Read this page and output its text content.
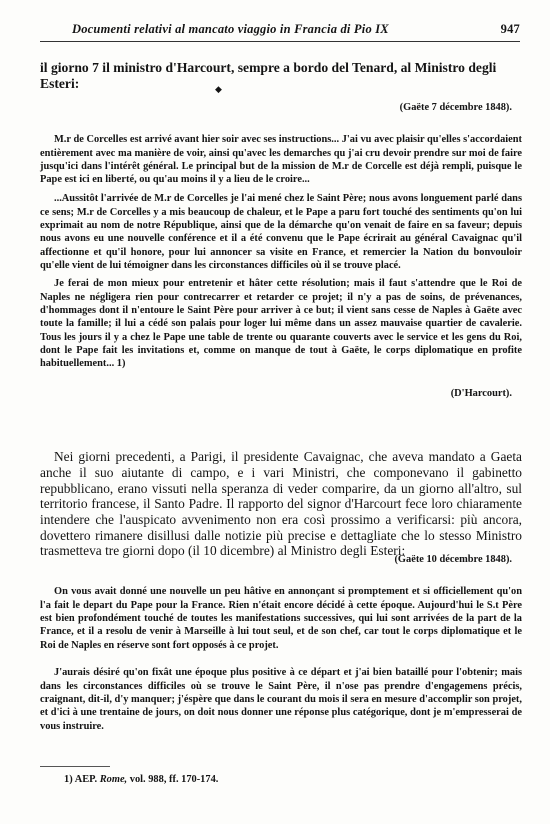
Documenti relativi al mancato viaggio in Francia di Pio IX	947
il giorno 7 il ministro d'Harcourt, sempre a bordo del Tenard, al Ministro degli Esteri:	◆
(Gaëte 7 décembre 1848).

M.r de Corcelles est arrivé avant hier soir avec ses instructions... J'ai vu avec plaisir qu'elles s'accordaient entièrement avec ma manière de voir, ainsi qu'avec les demarches qu j'ai cru devoir prendre sur moi de faire jusqu'ici dans l'intérêt général. Le principal but de la mission de M.r de Corcelle est déjà rempli, puisque le Pape est ici en liberté, ou qu'au moins il y a lieu de le croire...

...Aussitôt l'arrivée de M.r de Corcelles je l'ai mené chez le Saint Père; nous avons longuement parlé dans ce sens; M.r de Corcelles y a mis beaucoup de chaleur, et le Pape a paru fort touché des sentiments qu'on lui exprimait au nom de notre République, ainsi que de la démarche qu'on venait de faire en sa faveur; depuis nous avons eu une nouvelle conférence et il a été convenu que le Pape écrirait au général Cavaignac qu'il affectionne et qu'il honore, pour lui annoncer sa visite en France, et remercier la Nation du bonvouloir qu'elle vient de lui témoigner dans les circonstances difficiles où il se trouve placé.

Je ferai de mon mieux pour entretenir et hâter cette résolution; mais il faut s'attendre que le Roi de Naples ne négligera rien pour contrecarrer et retarder ce projet; il n'y a pas de soins, de prévenances, d'hommages dont il n'entoure le Saint Père pour arriver à ce but; il vient sans cesse de Naples à Gaëte avec toute la famille; il lui a cédé son palais pour loger lui même dans un assez mauvaise quartier de cavalerie. Tous les jours il y a chez le Pape une table de trente ou quarante couverts avec le service et les gens du Roi, dont le Pape fait les invitations et, comme on manque de tout à Gaëte, le corps diplomatique en profite habituellement... 1)

(D'Harcourt).

Nei giorni precedenti, a Parigi, il presidente Cavaignac, che aveva mandato a Gaeta anche il suo aiutante di campo, e i vari Ministri, che componevano il gabinetto repubblicano, erano vissuti nella speranza di veder comparire, da un giorno all'altro, sul territorio francese, il Santo Padre. Il rapporto del signor d'Harcourt fece loro chiaramente intendere che l'auspicato avvenimento non era così prossimo a verificarsi: più ancora, dovettero rimanere disillusi dalle notizie più precise e dettagliate che lo stesso Ministro trasmetteva tre giorni dopo (il 10 dicembre) al Ministro degli Esteri:

(Gaëte 10 décembre 1848).

On vous avait donné une nouvelle un peu hâtive en annonçant si promptement et si officiellement qu'on l'a fait le depart du Pape pour la France. Rien n'était encore décidé à cette époque. Aujourd'hui le S.t Père est bien profondément touché de toutes les manifestations successives, qui lui sont arrivées de la part de la France, et il a resolu de venir à Marseille à lui tout seul, et de son chef, car tout le corps diplomatique et le Roi de Naples en réserve sont fort opposés à ce projet.

J'aurais désiré qu'on fixât une époque plus positive à ce départ et j'ai bien bataillé pour l'obtenir; mais dans les circonstances difficiles où se trouve le Saint Père, il n'ose pas prendre d'engagemens précis, craignant, dit-il, d'y manquer; j'éspère que dans le courant du mois il sera en mesure d'accomplir son projet, et d'ici à une trentaine de jours, on doit nous donner une réponse plus catégorique, dont je m'empresserai de vous instruire.

1) AEP. Rome, vol. 988, ff. 170-174.
